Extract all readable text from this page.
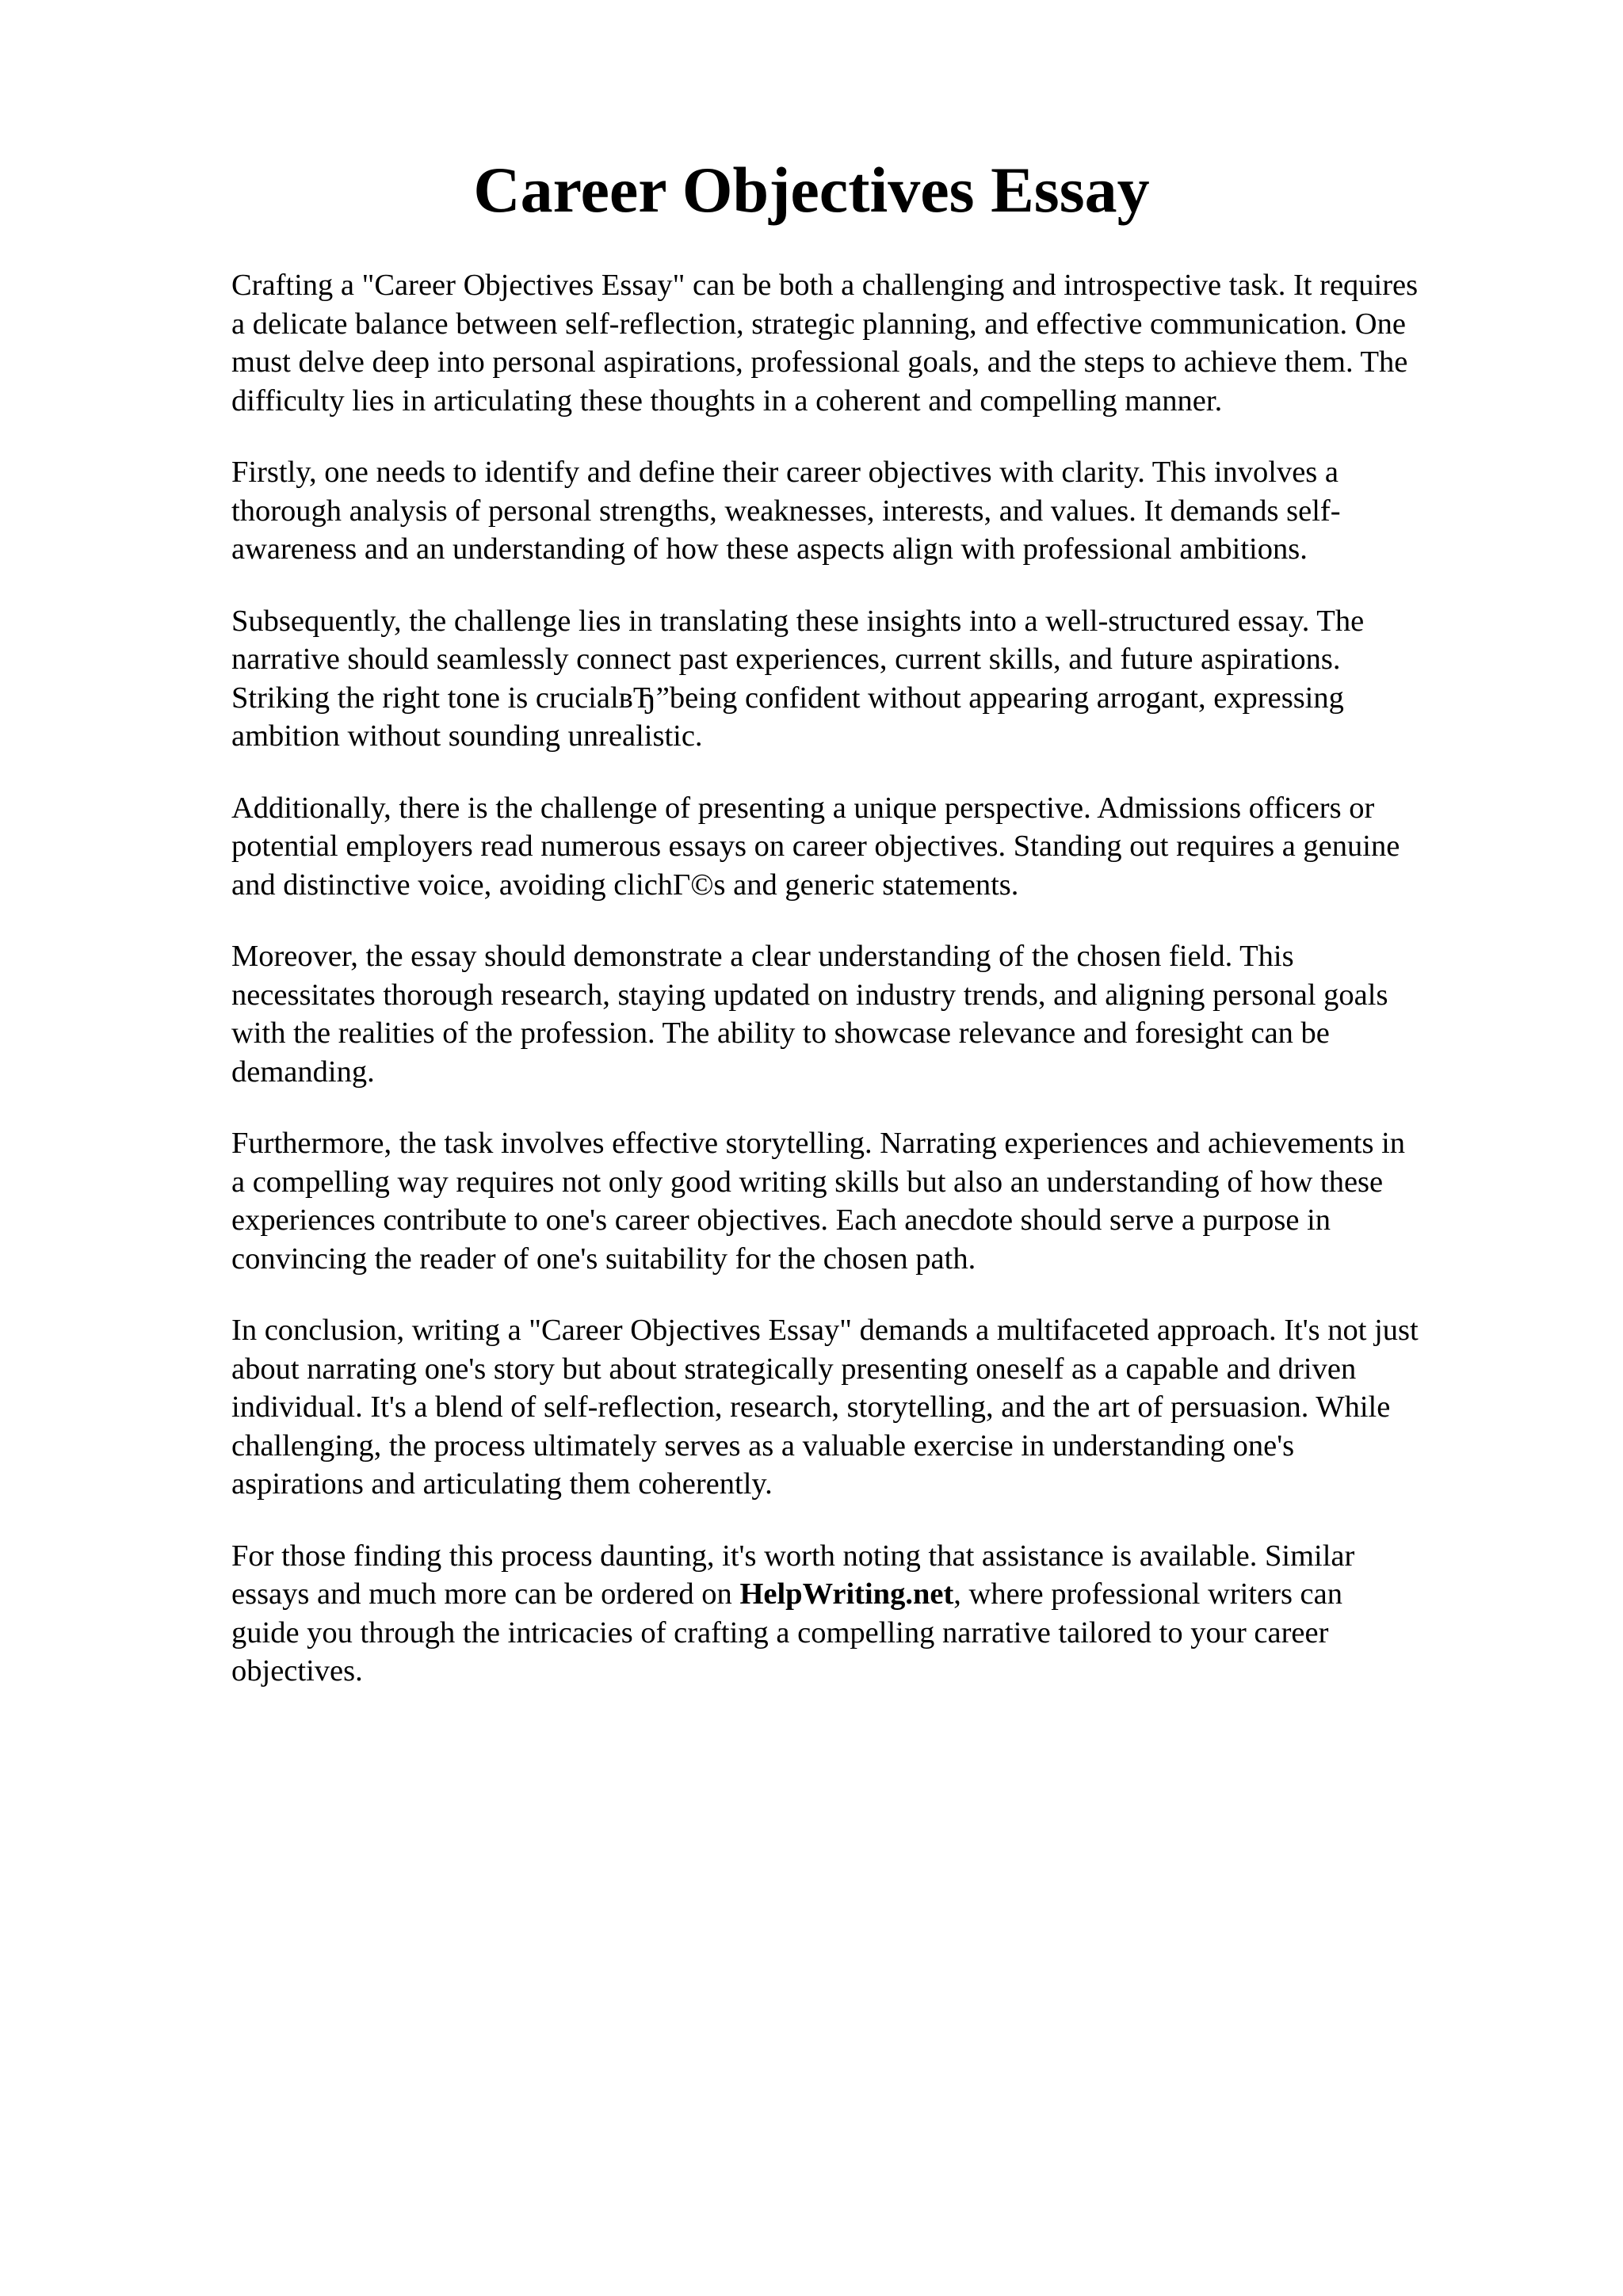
Career Objectives Essay

Crafting a "Career Objectives Essay" can be both a challenging and introspective task. It requires
a delicate balance between self-reflection, strategic planning, and effective communication. One
must delve deep into personal aspirations, professional goals, and the steps to achieve them. The
difficulty lies in articulating these thoughts in a coherent and compelling manner.

Firstly, one needs to identify and define their career objectives with clarity. This involves a
thorough analysis of personal strengths, weaknesses, interests, and values. It demands self-
awareness and an understanding of how these aspects align with professional ambitions.

Subsequently, the challenge lies in translating these insights into a well-structured essay. The
narrative should seamlessly connect past experiences, current skills, and future aspirations.
Striking the right tone is crucialвЂ”being confident without appearing arrogant, expressing
ambition without sounding unrealistic.

Additionally, there is the challenge of presenting a unique perspective. Admissions officers or
potential employers read numerous essays on career objectives. Standing out requires a genuine
and distinctive voice, avoiding clichГ©s and generic statements.

Moreover, the essay should demonstrate a clear understanding of the chosen field. This
necessitates thorough research, staying updated on industry trends, and aligning personal goals
with the realities of the profession. The ability to showcase relevance and foresight can be
demanding.

Furthermore, the task involves effective storytelling. Narrating experiences and achievements in
a compelling way requires not only good writing skills but also an understanding of how these
experiences contribute to one's career objectives. Each anecdote should serve a purpose in
convincing the reader of one's suitability for the chosen path.

In conclusion, writing a "Career Objectives Essay" demands a multifaceted approach. It's not just
about narrating one's story but about strategically presenting oneself as a capable and driven
individual. It's a blend of self-reflection, research, storytelling, and the art of persuasion. While
challenging, the process ultimately serves as a valuable exercise in understanding one's
aspirations and articulating them coherently.

For those finding this process daunting, it's worth noting that assistance is available. Similar
essays and much more can be ordered on HelpWriting.net, where professional writers can
guide you through the intricacies of crafting a compelling narrative tailored to your career
objectives.
